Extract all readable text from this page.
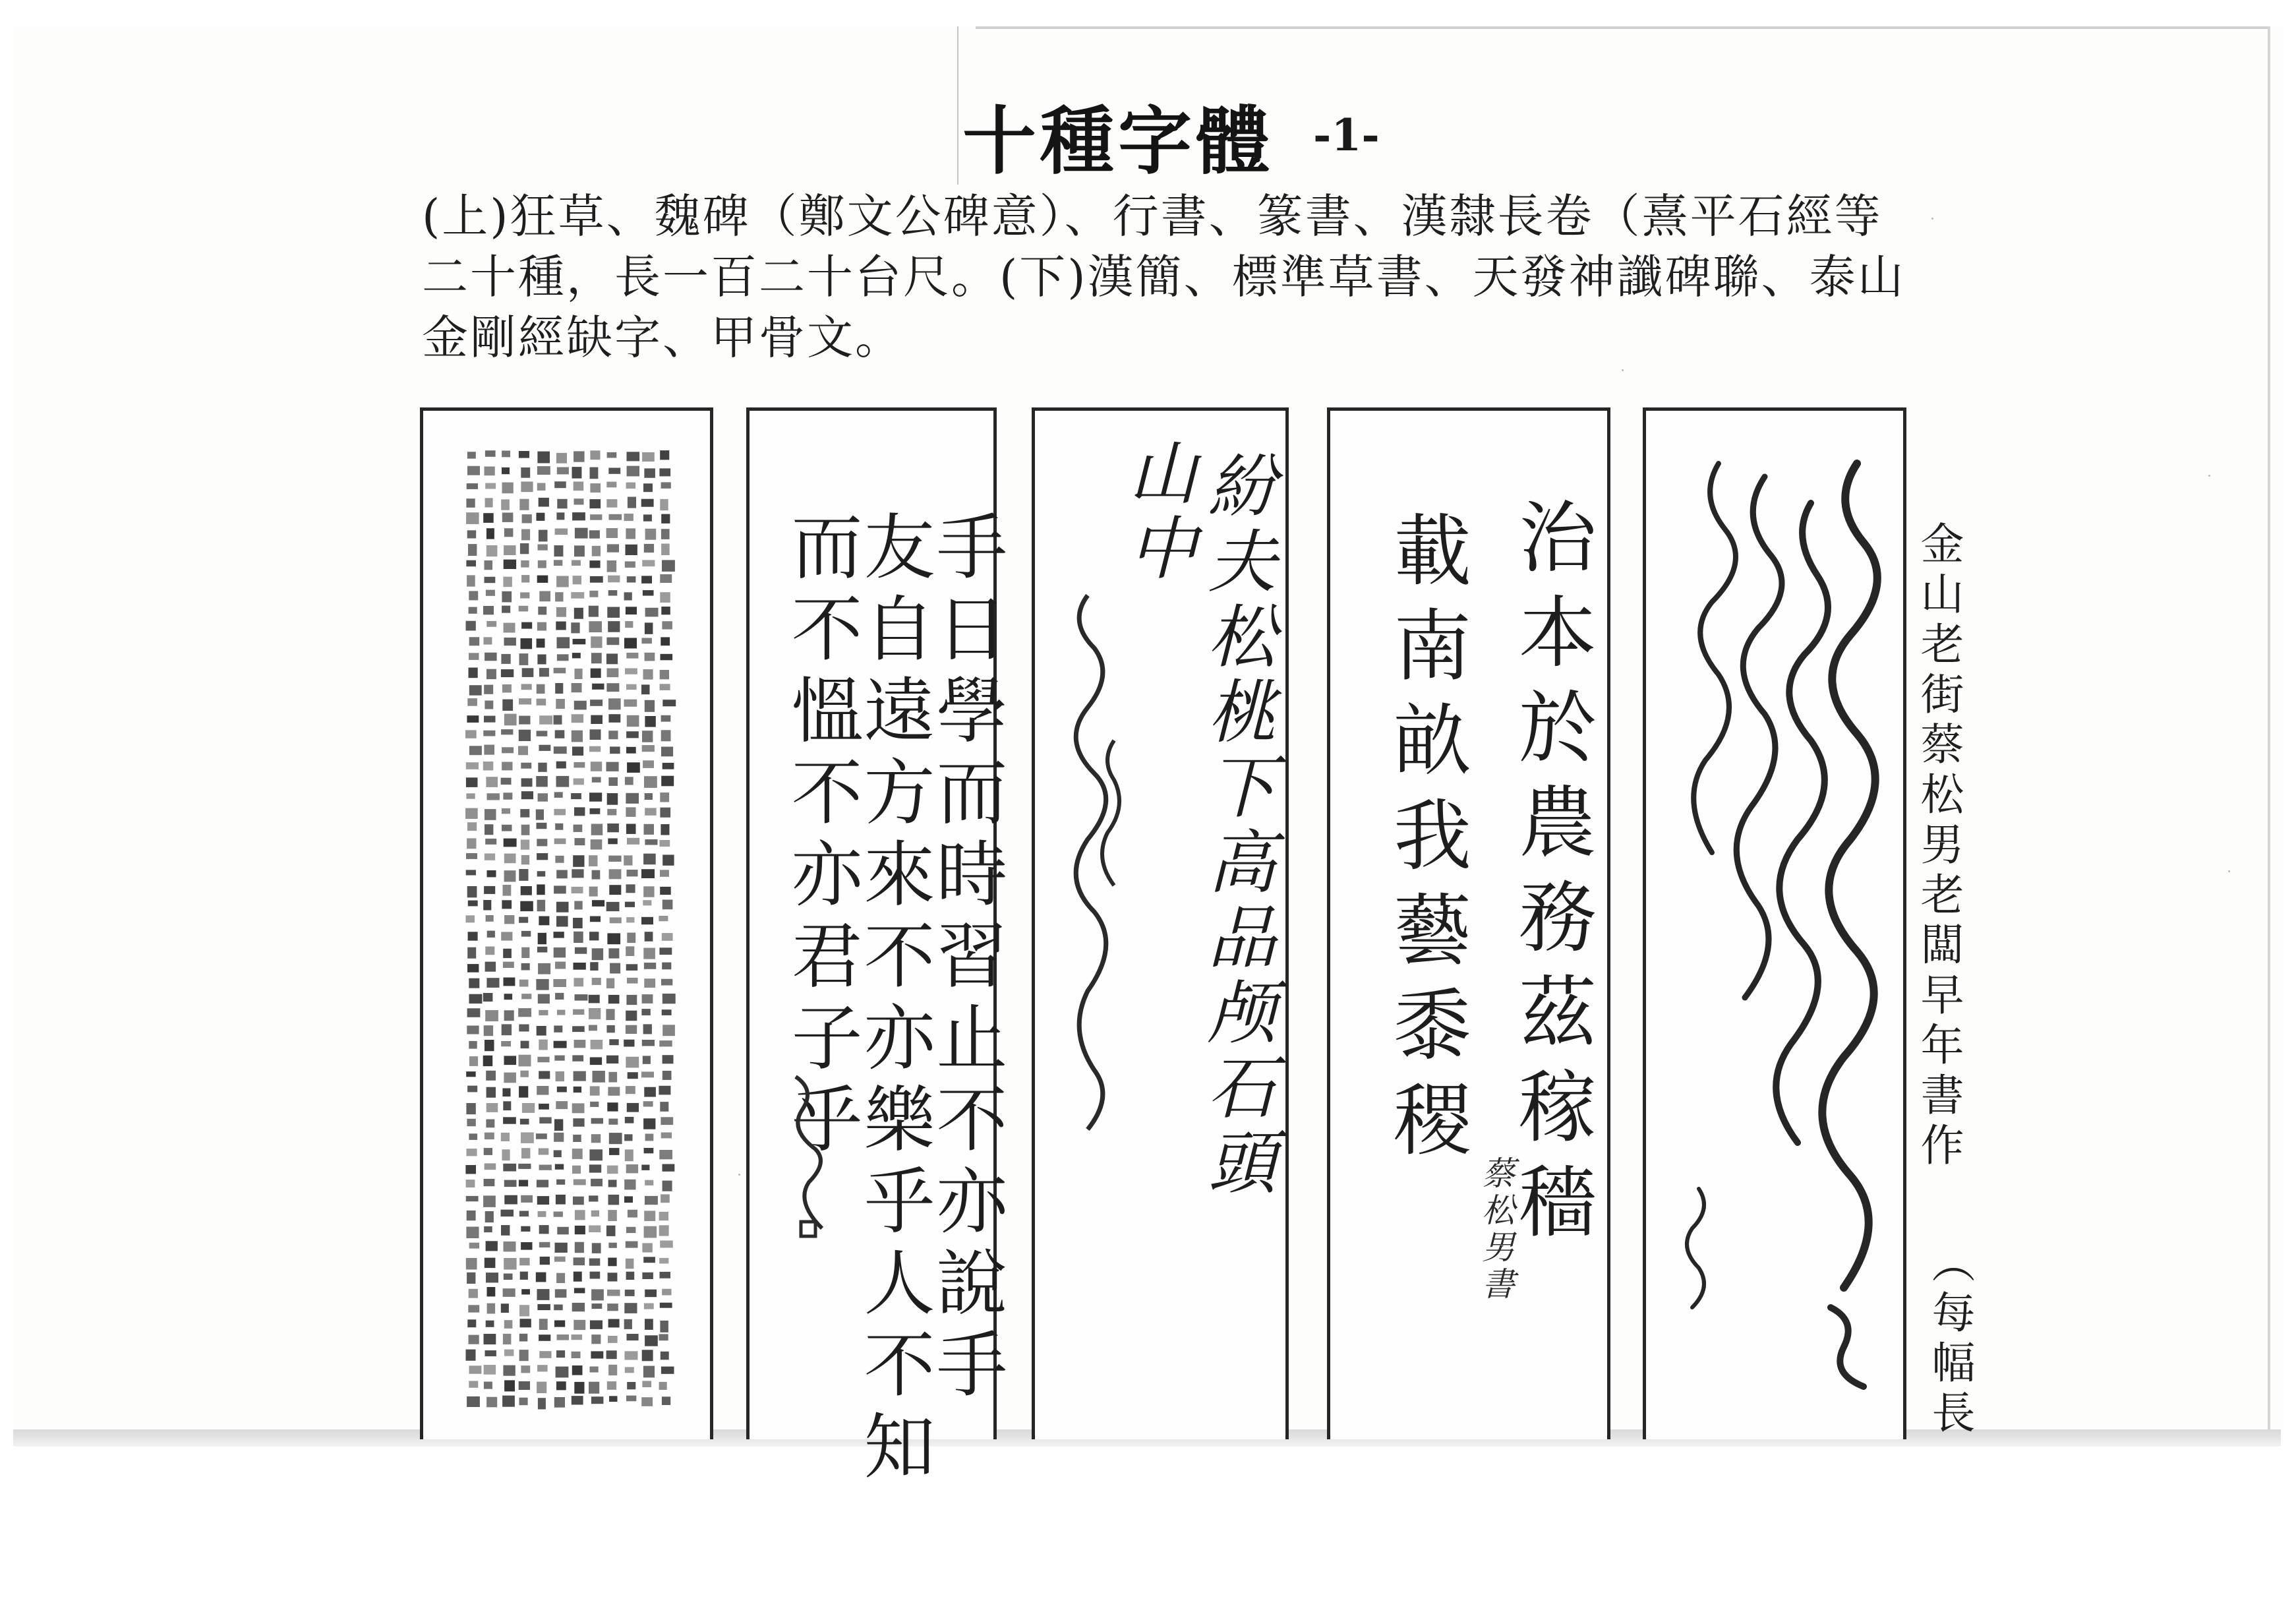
十種字體 -1-
(上)狂草、魏碑（鄭文公碑意）、行書、篆書、漢隸長卷（熹平石經等
二十種，長一百二十台尺。(下)漢簡、標準草書、天發神讖碑聯、泰山
金剛經缺字、甲骨文。
手日學而時習止不亦說手
友自遠方來不亦樂乎人不知
而不慍不亦君子乎	紛夫松桃下高品颅石頭
山中	治本於農務茲稼穡
載南畝我藝黍稷
蔡松男書
金山老街蔡松男老闆早年書作
（每幅長
